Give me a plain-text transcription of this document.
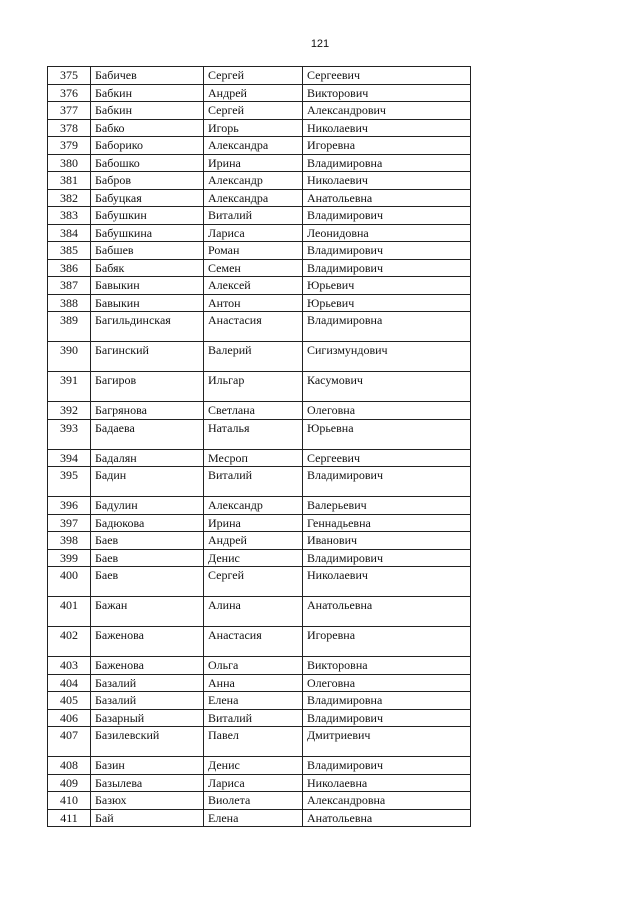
121
375	Бабичев	Сергей	Сергеевич
376	Бабкин	Андрей	Викторович
377	Бабкин	Сергей	Александрович
378	Бабко	Игорь	Николаевич
379	Баборико	Александра	Игоревна
380	Бабошко	Ирина	Владимировна
381	Бабров	Александр	Николаевич
382	Бабуцкая	Александра	Анатольевна
383	Бабушкин	Виталий	Владимирович
384	Бабушкина	Лариса	Леонидовна
385	Бабшев	Роман	Владимирович
386	Бабяк	Семен	Владимирович
387	Бавыкин	Алексей	Юрьевич
388	Бавыкин	Антон	Юрьевич
389	Багильдинская	Анастасия	Владимировна
390	Багинский	Валерий	Сигизмундович
391	Багиров	Ильгар	Касумович
392	Багрянова	Светлана	Олеговна
393	Бадаева	Наталья	Юрьевна
394	Бадалян	Месроп	Сергеевич
395	Бадин	Виталий	Владимирович
396	Бадулин	Александр	Валерьевич
397	Бадюкова	Ирина	Геннадьевна
398	Баев	Андрей	Иванович
399	Баев	Денис	Владимирович
400	Баев	Сергей	Николаевич
401	Бажан	Алина	Анатольевна
402	Баженова	Анастасия	Игоревна
403	Баженова	Ольга	Викторовна
404	Базалий	Анна	Олеговна
405	Базалий	Елена	Владимировна
406	Базарный	Виталий	Владимирович
407	Базилевский	Павел	Дмитриевич
408	Базин	Денис	Владимирович
409	Базылева	Лариса	Николаевна
410	Базюх	Виолета	Александровна
411	Бай	Елена	Анатольевна
